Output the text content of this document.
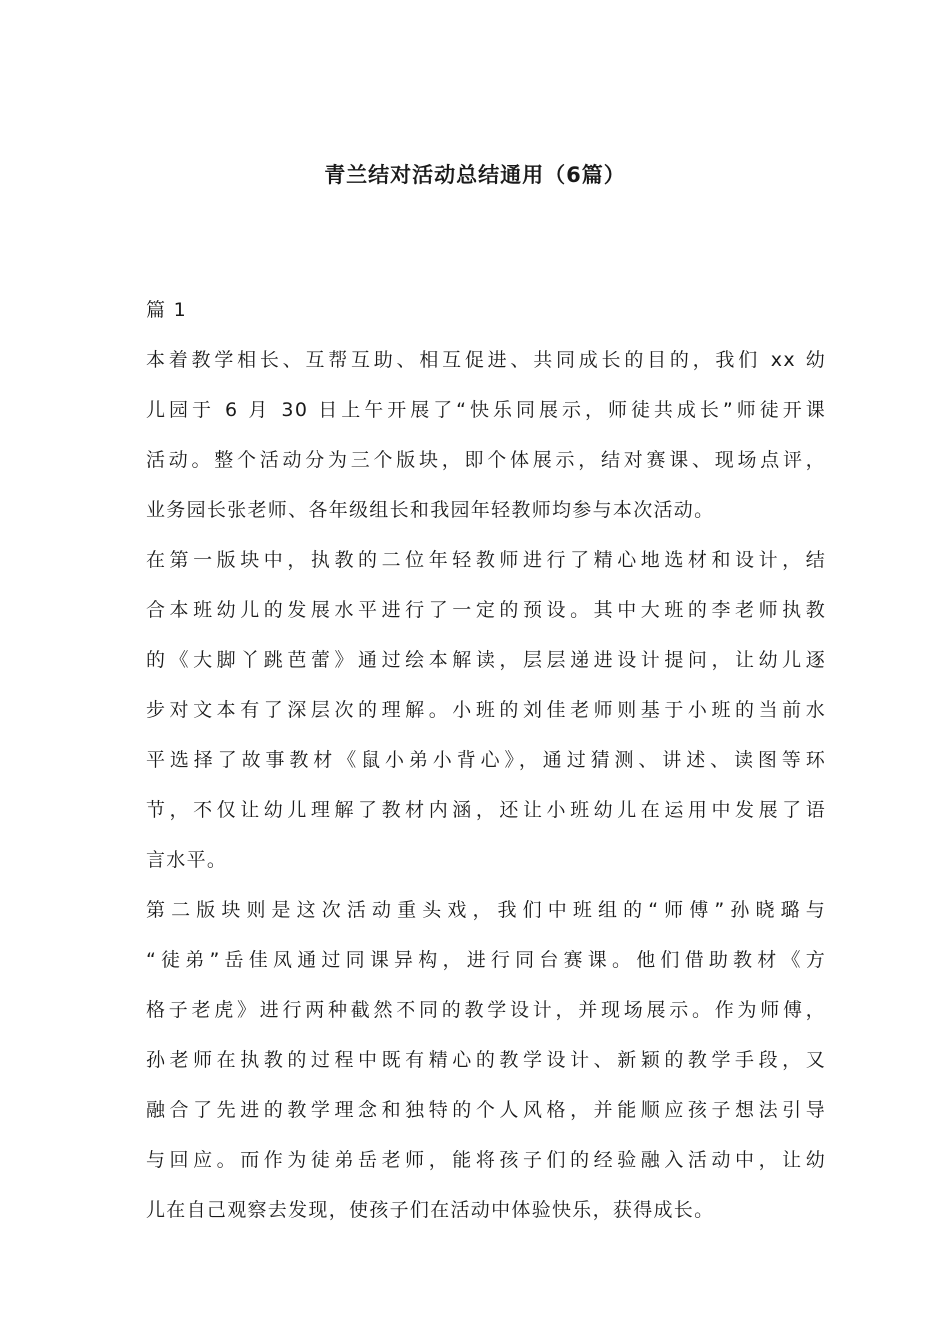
青兰结对活动总结通用（6篇）
篇 1
本着教学相长、互帮互助、相互促进、共同成长的目的，我们 xx 幼
儿园于 6 月 30 日上午开展了“快乐同展示，师徒共成长”师徒开课
活动。整个活动分为三个版块，即个体展示，结对赛课、现场点评，
业务园长张老师、各年级组长和我园年轻教师均参与本次活动。
在第一版块中，执教的二位年轻教师进行了精心地选材和设计，结
合本班幼儿的发展水平进行了一定的预设。其中大班的李老师执教
的《大脚丫跳芭蕾》通过绘本解读，层层递进设计提问，让幼儿逐
步对文本有了深层次的理解。小班的刘佳老师则基于小班的当前水
平选择了故事教材《鼠小弟小背心》，通过猜测、讲述、读图等环
节，不仅让幼儿理解了教材内涵，还让小班幼儿在运用中发展了语
言水平。
第二版块则是这次活动重头戏，我们中班组的“师傅”孙晓璐与
“徒弟”岳佳凤通过同课异构，进行同台赛课。他们借助教材《方
格子老虎》进行两种截然不同的教学设计，并现场展示。作为师傅，
孙老师在执教的过程中既有精心的教学设计、新颖的教学手段，又
融合了先进的教学理念和独特的个人风格，并能顺应孩子想法引导
与回应。而作为徒弟岳老师，能将孩子们的经验融入活动中，让幼
儿在自己观察去发现，使孩子们在活动中体验快乐，获得成长。
